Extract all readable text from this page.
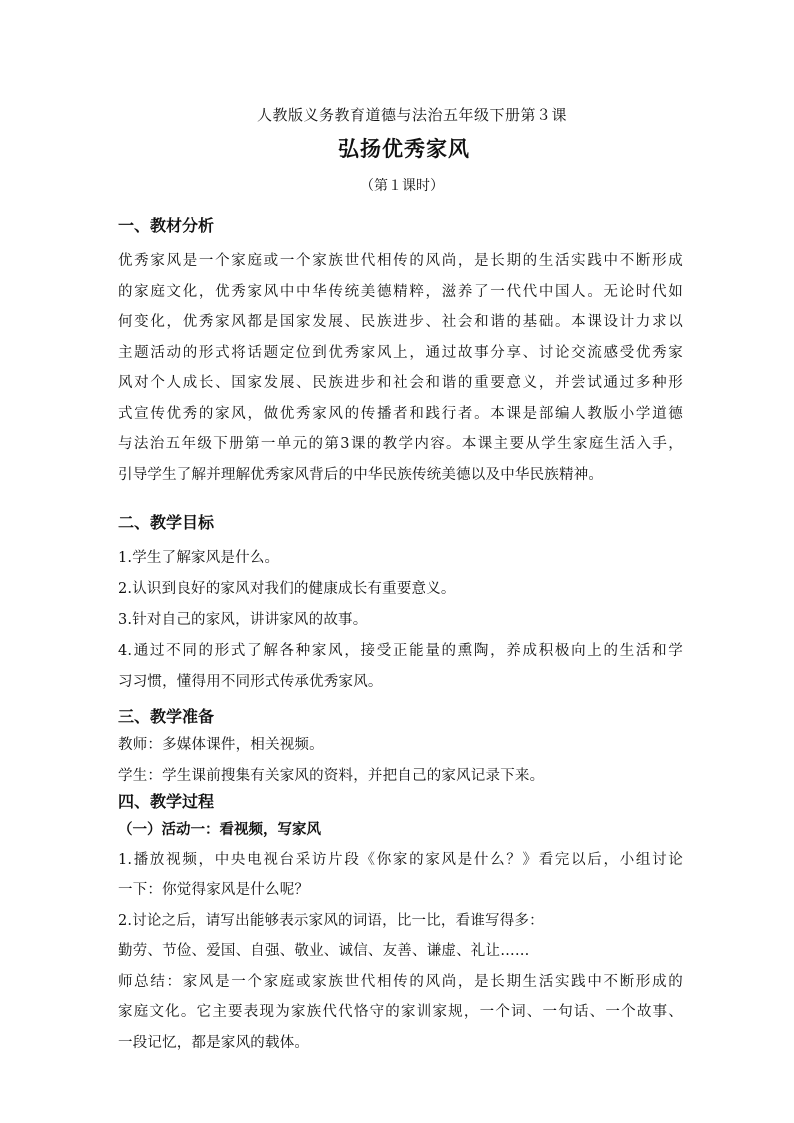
人教版义务教育道德与法治五年级下册第３课
弘扬优秀家风
（第１课时）
一、教材分析
优秀家风是一个家庭或一个家族世代相传的风尚，是长期的生活实践中不断形成
的家庭文化，优秀家风中中华传统美德精粹，滋养了一代代中国人。无论时代如
何变化，优秀家风都是国家发展、民族进步、社会和谐的基础。本课设计力求以
主题活动的形式将话题定位到优秀家风上，通过故事分享、讨论交流感受优秀家
风对个人成长、国家发展、民族进步和社会和谐的重要意义，并尝试通过多种形
式宣传优秀的家风，做优秀家风的传播者和践行者。本课是部编人教版小学道德
与法治五年级下册第一单元的第3课的教学内容。本课主要从学生家庭生活入手，
引导学生了解并理解优秀家风背后的中华民族传统美德以及中华民族精神。
二、教学目标
1.学生了解家风是什么。
2.认识到良好的家风对我们的健康成长有重要意义。
3.针对自己的家风，讲讲家风的故事。
4.通过不同的形式了解各种家风，接受正能量的熏陶，养成积极向上的生活和学
习习惯，懂得用不同形式传承优秀家风。
三、教学准备
教师：多媒体课件，相关视频。
学生：学生课前搜集有关家风的资料，并把自己的家风记录下来。
四、教学过程
（一）活动一：看视频，写家风
1.播放视频，中央电视台采访片段《你家的家风是什么？》看完以后，小组讨论
一下：你觉得家风是什么呢？
2.讨论之后，请写出能够表示家风的词语，比一比，看谁写得多：
勤劳、节俭、爱国、自强、敬业、诚信、友善、谦虚、礼让……
师总结：家风是一个家庭或家族世代相传的风尚，是长期生活实践中不断形成的
家庭文化。它主要表现为家族代代恪守的家训家规，一个词、一句话、一个故事、
一段记忆，都是家风的载体。
